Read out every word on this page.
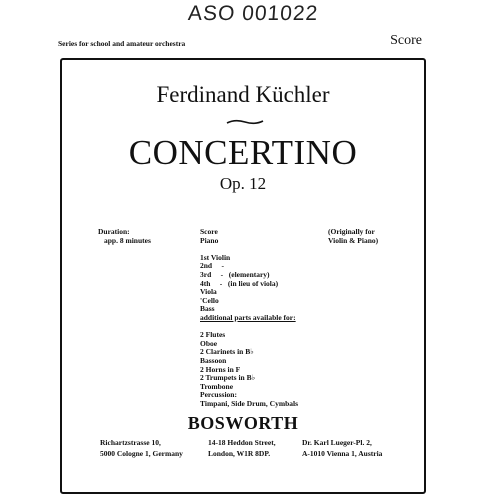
ASO 001022
Series for school and amateur orchestra	Score
Ferdinand Küchler
CONCERTINO
Op. 12
Duration:
app. 8 minutes
(Originally for
Violin & Piano)
Score
Piano
1st Violin
2nd     -
3rd     -   (elementary)
4th     -   (in lieu of viola)
Viola
'Cello
Bass
additional parts available for:
2 Flutes
Oboe
2 Clarinets in B♭
Bassoon
2 Horns in F
2 Trumpets in B♭
Trombone
Percussion:
Timpani, Side Drum, Cymbals
BOSWORTH
Richartzstrasse 10,
5000 Cologne 1, Germany
14-18 Heddon Street,
London, W1R 8DP.
Dr. Karl Lueger-Pl. 2,
A-1010 Vienna 1, Austria
